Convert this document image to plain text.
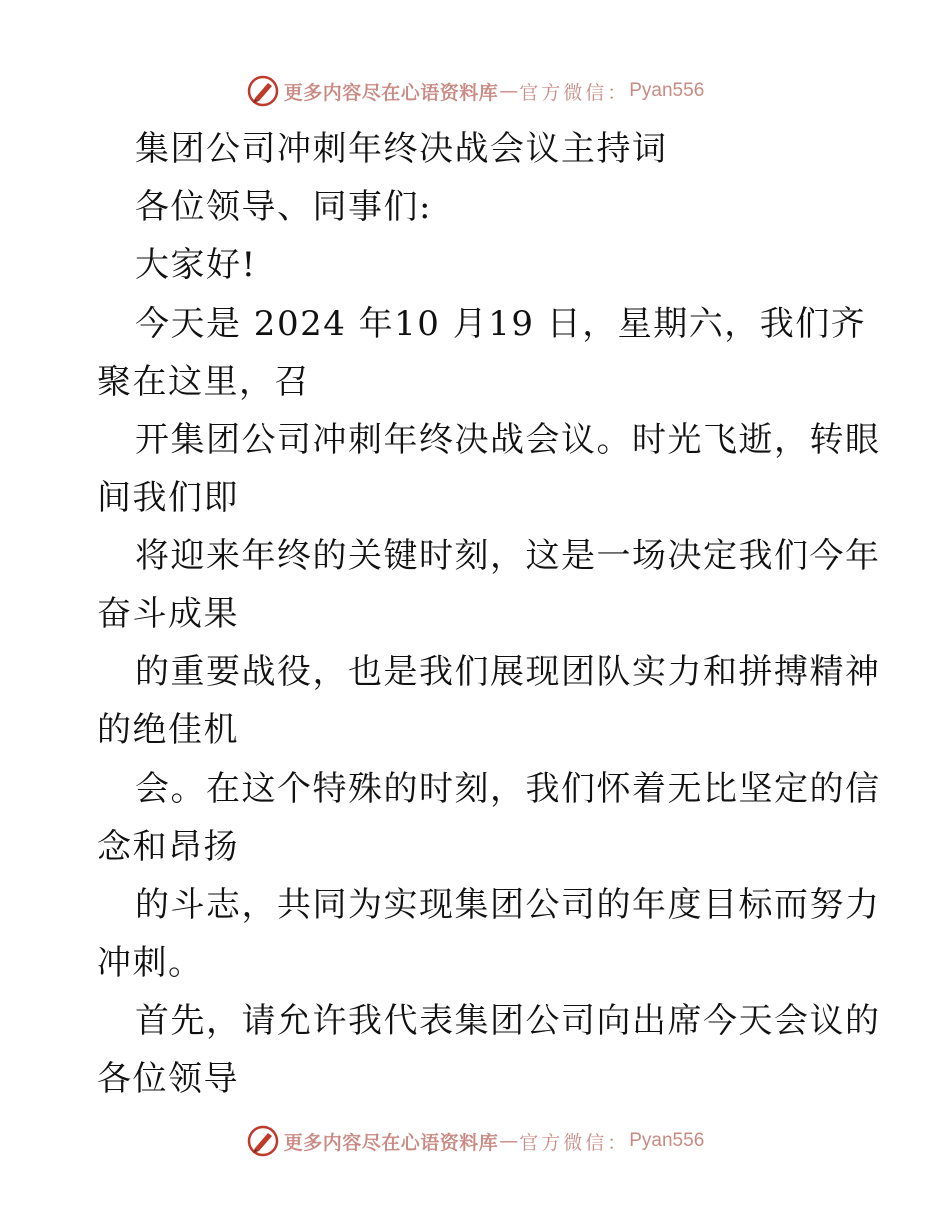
更多内容尽在心语资料库 — 官方微信： Pyan556
集团公司冲刺年终决战会议主持词
各位领导、同事们:
大家好!
今天是 2024 年10 月19 日，星期六，我们齐
聚在这里，召
开集团公司冲刺年终决战会议。时光飞逝，转眼
间我们即
将迎来年终的关键时刻，这是一场决定我们今年
奋斗成果
的重要战役，也是我们展现团队实力和拼搏精神
的绝佳机
会。在这个特殊的时刻，我们怀着无比坚定的信
念和昂扬
的斗志，共同为实现集团公司的年度目标而努力
冲刺。
首先，请允许我代表集团公司向出席今天会议的
各位领导
更多内容尽在心语资料库 — 官方微信： Pyan556
